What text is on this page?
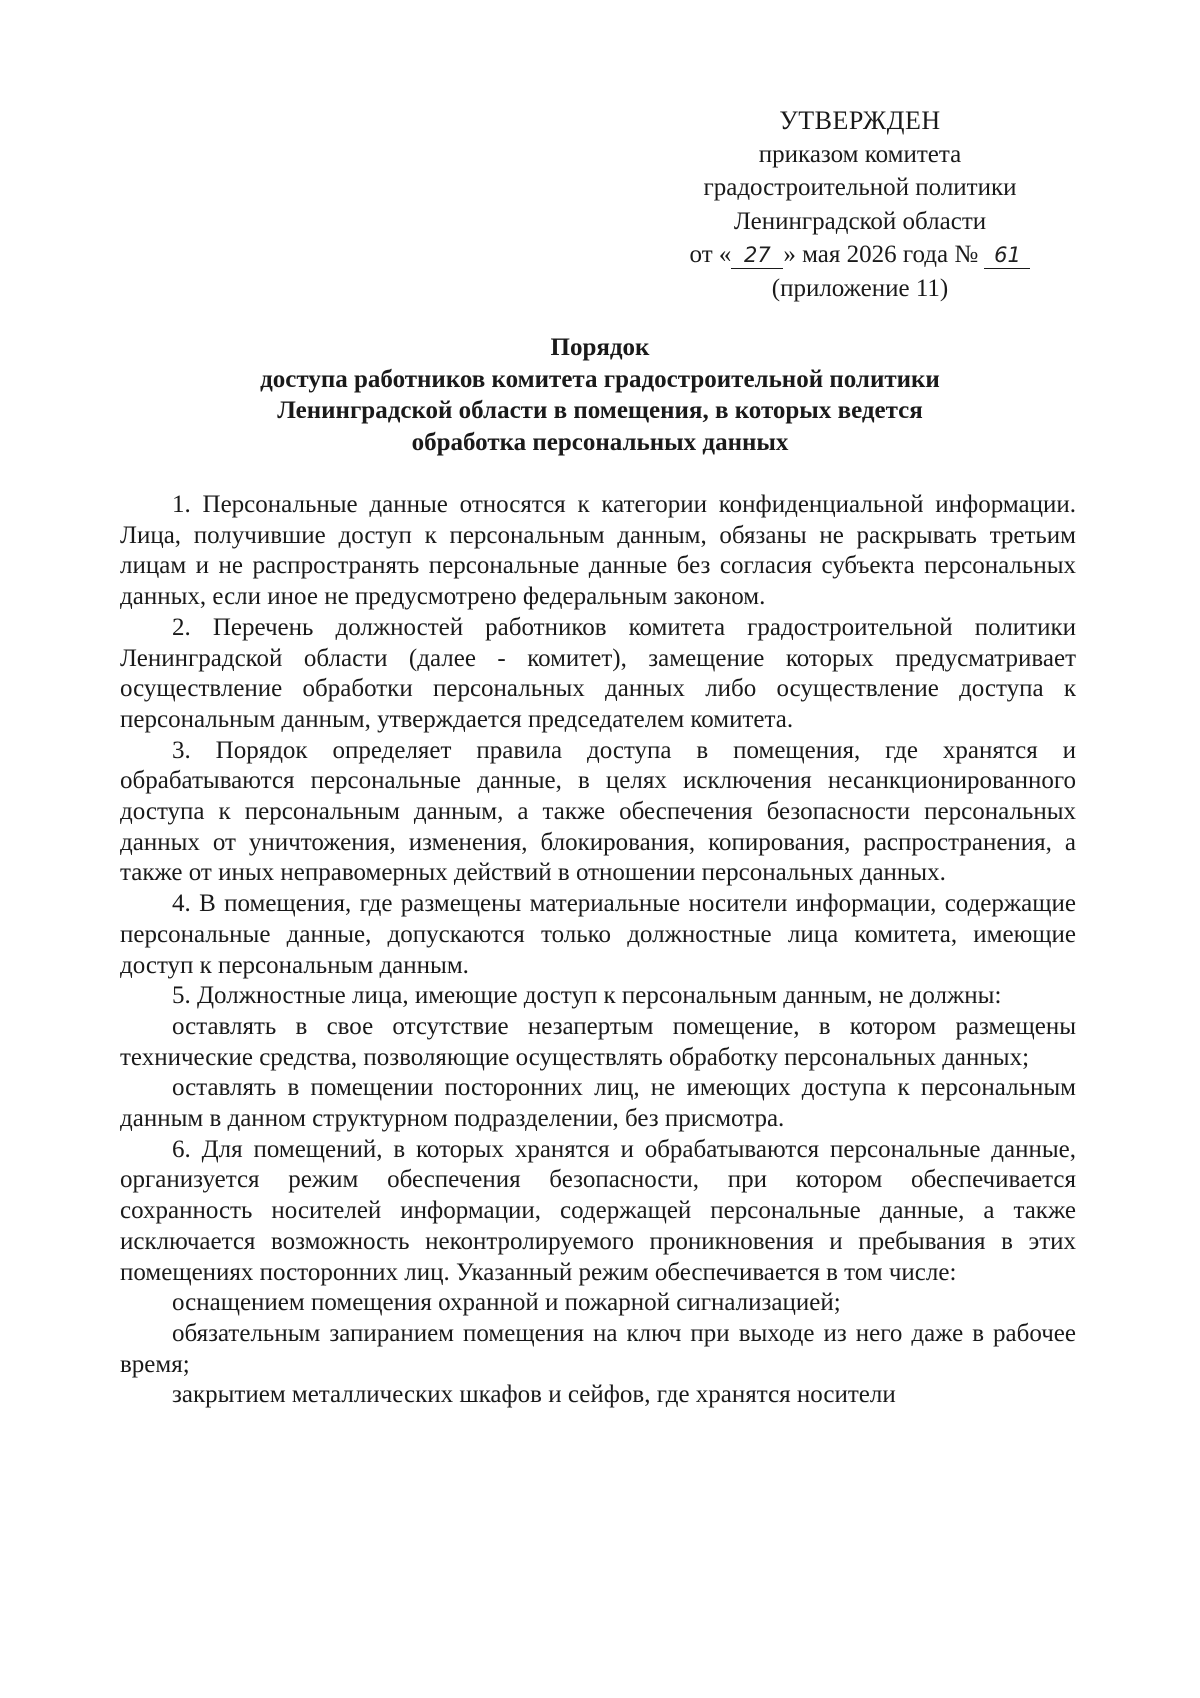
УТВЕРЖДЕН
приказом комитета
градостроительной политики
Ленинградской области
от « 27 » мая 2026 года № 61
(приложение 11)
Порядок
доступа работников комитета градостроительной политики
Ленинградской области в помещения, в которых ведется
обработка персональных данных

1. Персональные данные относятся к категории конфиденциальной информации. Лица, получившие доступ к персональным данным, обязаны не раскрывать третьим лицам и не распространять персональные данные без согласия субъекта персональных данных, если иное не предусмотрено федеральным законом.

2. Перечень должностей работников комитета градостроительной политики Ленинградской области (далее - комитет), замещение которых предусматривает осуществление обработки персональных данных либо осуществление доступа к персональным данным, утверждается председателем комитета.

3. Порядок определяет правила доступа в помещения, где хранятся и обрабатываются персональные данные, в целях исключения несанкционированного доступа к персональным данным, а также обеспечения безопасности персональных данных от уничтожения, изменения, блокирования, копирования, распространения, а также от иных неправомерных действий в отношении персональных данных.

4. В помещения, где размещены материальные носители информации, содержащие персональные данные, допускаются только должностные лица комитета, имеющие доступ к персональным данным.

5. Должностные лица, имеющие доступ к персональным данным, не должны:

оставлять в свое отсутствие незапертым помещение, в котором размещены технические средства, позволяющие осуществлять обработку персональных данных;

оставлять в помещении посторонних лиц, не имеющих доступа к персональным данным в данном структурном подразделении, без присмотра.

6. Для помещений, в которых хранятся и обрабатываются персональные данные, организуется режим обеспечения безопасности, при котором обеспечивается сохранность носителей информации, содержащей персональные данные, а также исключается возможность неконтролируемого проникновения и пребывания в этих помещениях посторонних лиц. Указанный режим обеспечивается в том числе:

оснащением помещения охранной и пожарной сигнализацией;

обязательным запиранием помещения на ключ при выходе из него даже в рабочее время;

закрытием металлических шкафов и сейфов, где хранятся носители
